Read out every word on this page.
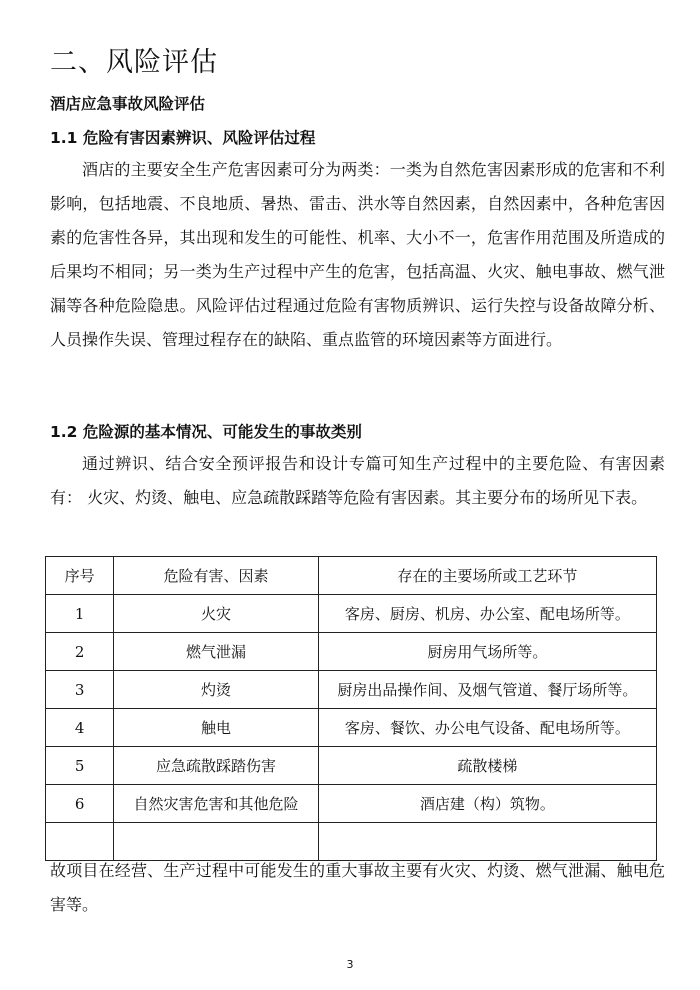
二、风险评估
酒店应急事故风险评估
1.1 危险有害因素辨识、风险评估过程

酒店的主要安全生产危害因素可分为两类：一类为自然危害因素形成的危害和不利影响，包括地震、不良地质、暑热、雷击、洪水等自然因素，自然因素中，各种危害因素的危害性各异，其出现和发生的可能性、机率、大小不一，危害作用范围及所造成的后果均不相同；另一类为生产过程中产生的危害，包括高温、火灾、触电事故、燃气泄漏等各种危险隐患。风险评估过程通过危险有害物质辨识、运行失控与设备故障分析、人员操作失误、管理过程存在的缺陷、重点监管的环境因素等方面进行。

1.2 危险源的基本情况、可能发生的事故类别

通过辨识、结合安全预评报告和设计专篇可知生产过程中的主要危险、有害因素有： 火灾、灼烫、触电、应急疏散踩踏等危险有害因素。其主要分布的场所见下表。

序号	危险有害、因素	存在的主要场所或工艺环节
1	火灾	客房、厨房、机房、办公室、配电场所等。
2	燃气泄漏	厨房用气场所等。
3	灼烫	厨房出品操作间、及烟气管道、餐厅场所等。
4	触电	客房、餐饮、办公电气设备、配电场所等。
5	应急疏散踩踏伤害	疏散楼梯
6	自然灾害危害和其他危险	酒店建（构）筑物。

故项目在经营、生产过程中可能发生的重大事故主要有火灾、灼烫、燃气泄漏、触电危害等。

3
